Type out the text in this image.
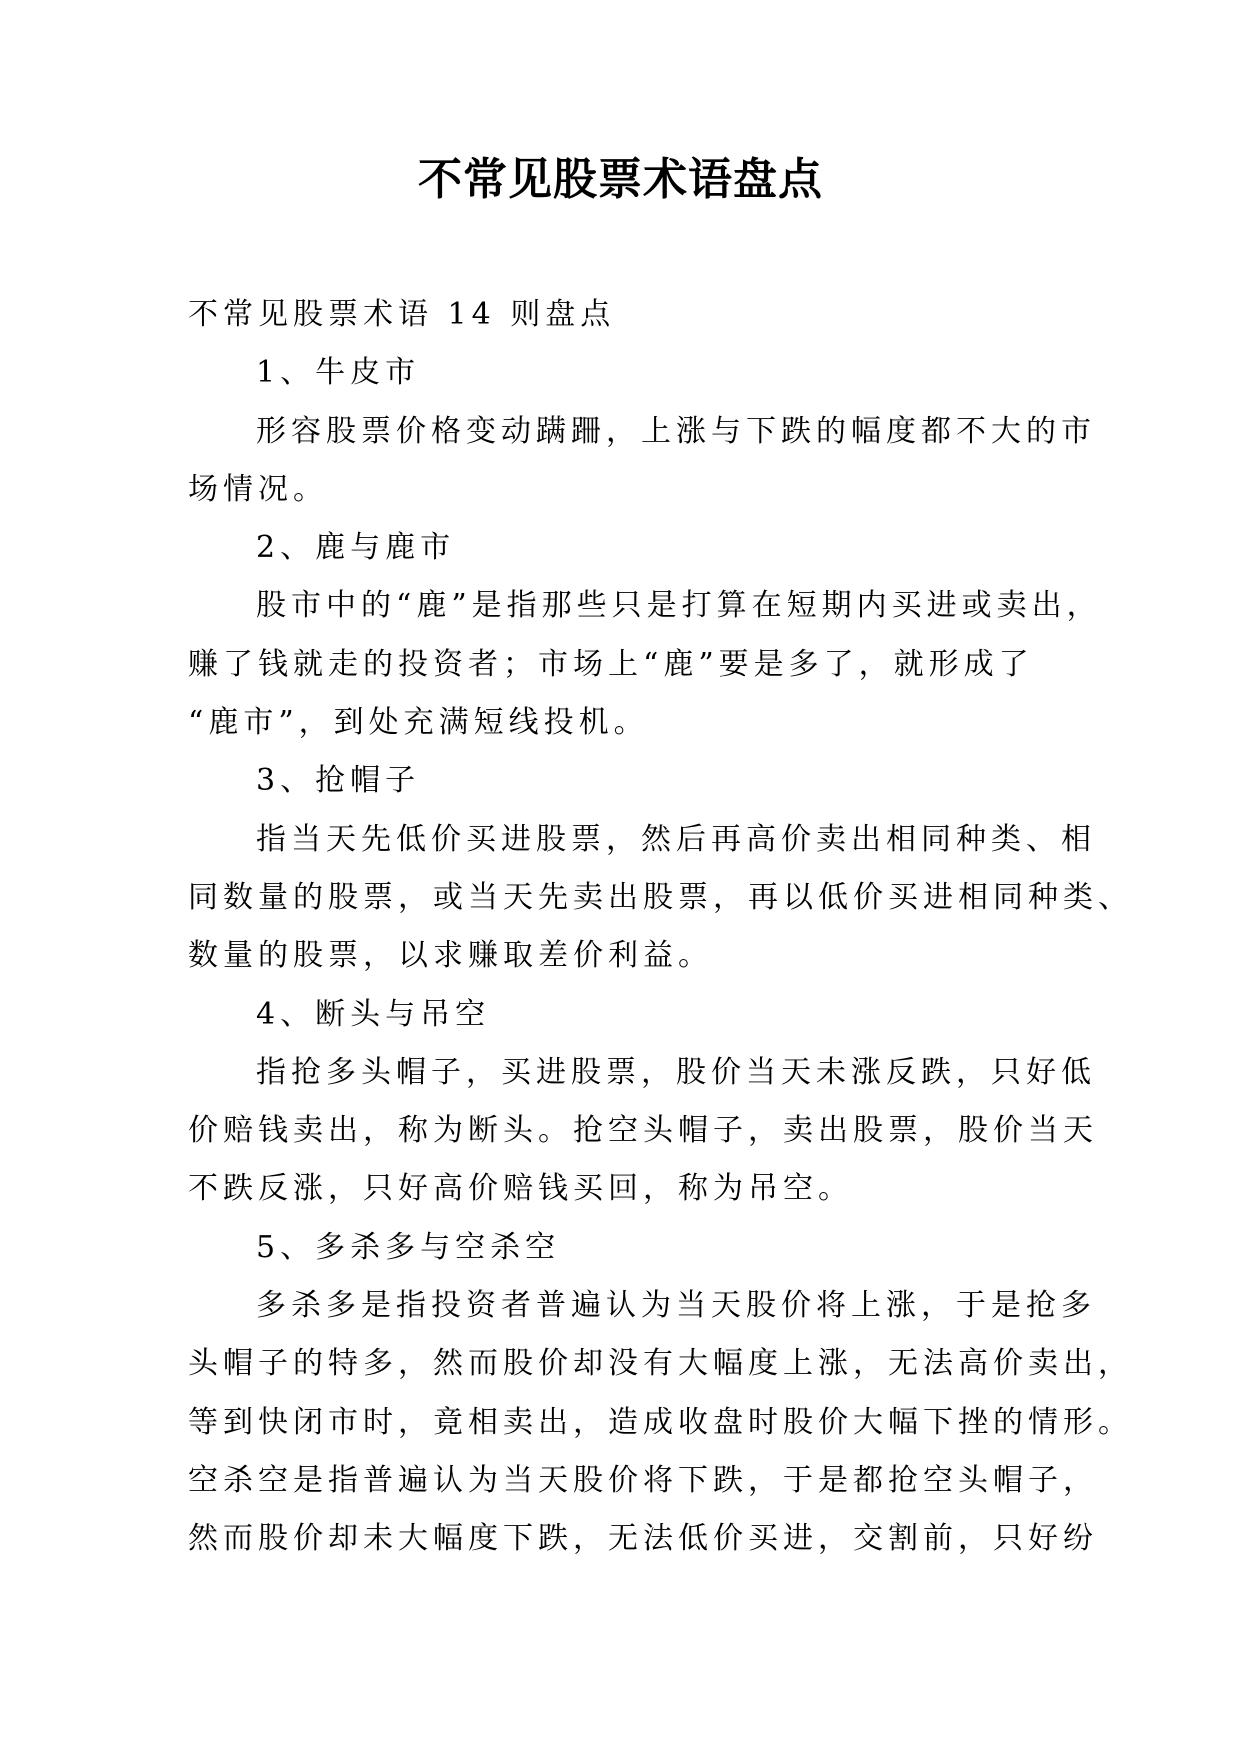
不常见股票术语盘点

不常见股票术语 14 则盘点

1、牛皮市

形容股票价格变动蹒跚，上涨与下跌的幅度都不大的市

场情况。

2、鹿与鹿市

股市中的“鹿”是指那些只是打算在短期内买进或卖出，

赚了钱就走的投资者；市场上“鹿”要是多了，就形成了

“鹿市”，到处充满短线投机。

3、抢帽子

指当天先低价买进股票，然后再高价卖出相同种类、相

同数量的股票，或当天先卖出股票，再以低价买进相同种类、

数量的股票，以求赚取差价利益。

4、断头与吊空

指抢多头帽子，买进股票，股价当天未涨反跌，只好低

价赔钱卖出，称为断头。抢空头帽子，卖出股票，股价当天

不跌反涨，只好高价赔钱买回，称为吊空。

5、多杀多与空杀空

多杀多是指投资者普遍认为当天股价将上涨，于是抢多

头帽子的特多，然而股价却没有大幅度上涨，无法高价卖出，

等到快闭市时，竟相卖出，造成收盘时股价大幅下挫的情形。

空杀空是指普遍认为当天股价将下跌，于是都抢空头帽子，

然而股价却未大幅度下跌，无法低价买进，交割前，只好纷
